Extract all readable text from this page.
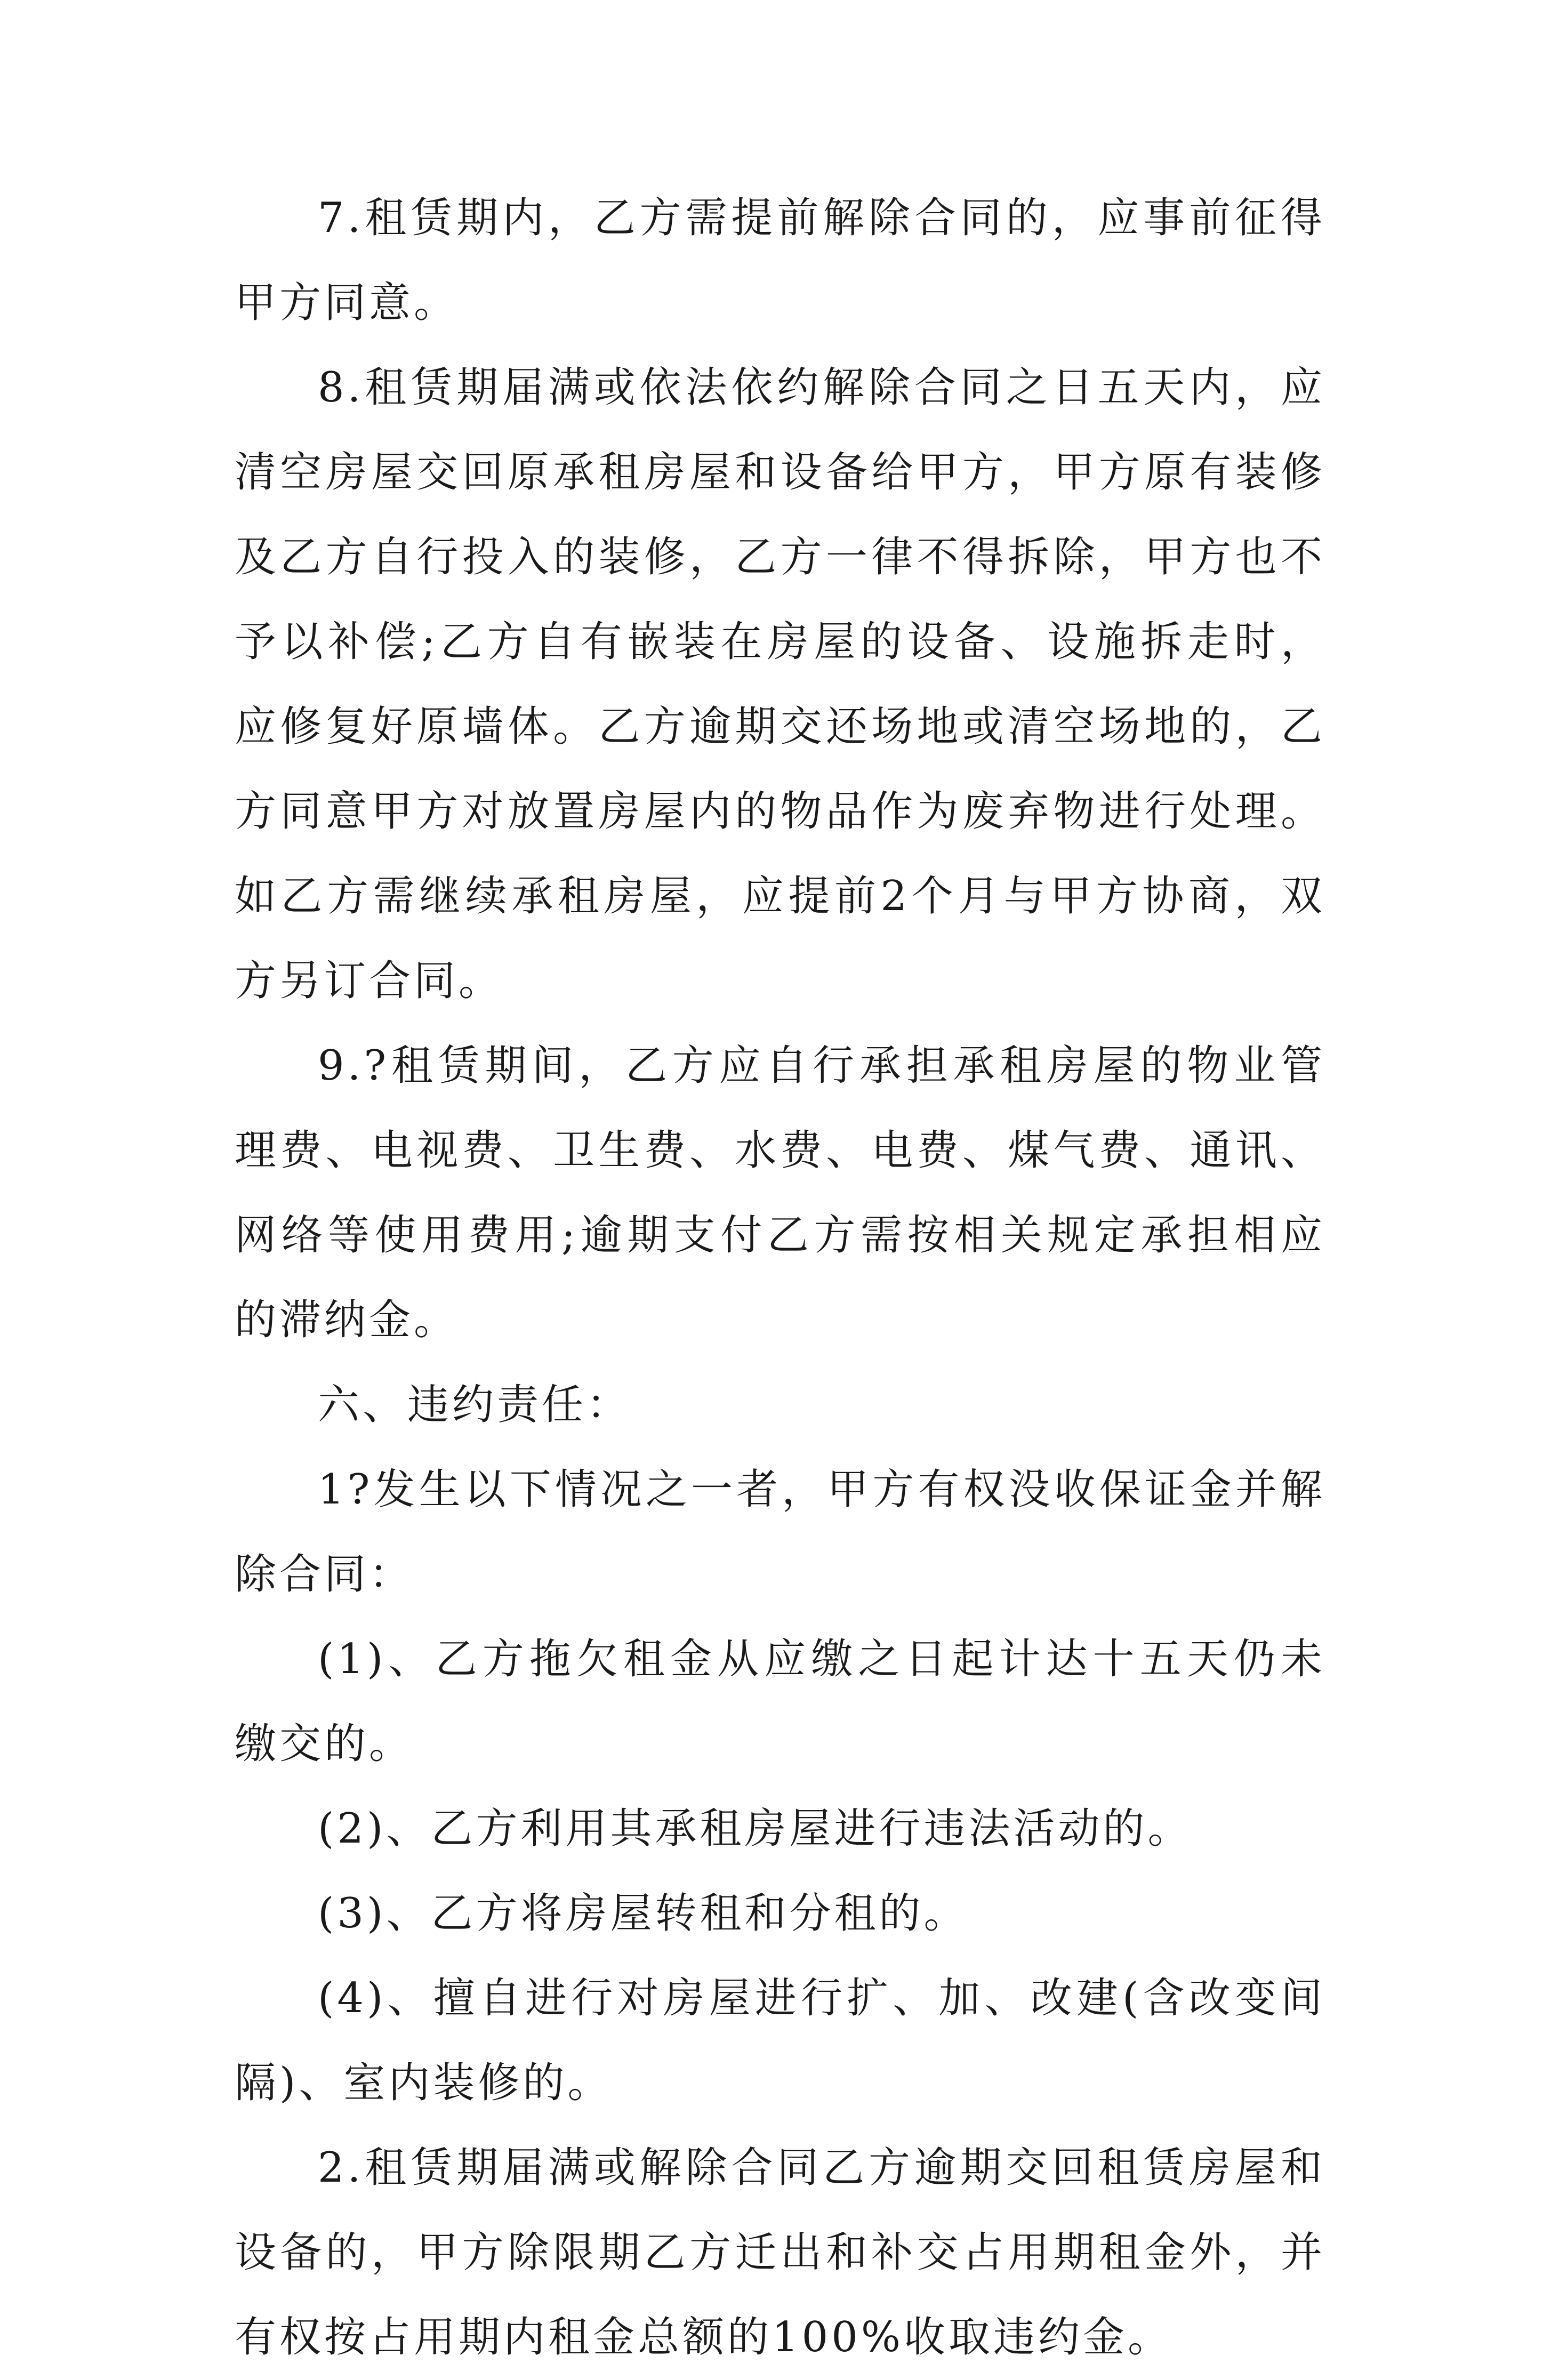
7.租赁期内，乙方需提前解除合同的，应事前征得甲方同意。

8.租赁期届满或依法依约解除合同之日五天内，应清空房屋交回原承租房屋和设备给甲方，甲方原有装修及乙方自行投入的装修，乙方一律不得拆除，甲方也不予以补偿;乙方自有嵌装在房屋的设备、设施拆走时，应修复好原墙体。乙方逾期交还场地或清空场地的，乙方同意甲方对放置房屋内的物品作为废弃物进行处理。如乙方需继续承租房屋，应提前2个月与甲方协商，双方另订合同。

9.?租赁期间，乙方应自行承担承租房屋的物业管理费、电视费、卫生费、水费、电费、煤气费、通讯、网络等使用费用;逾期支付乙方需按相关规定承担相应的滞纳金。

六、违约责任：

1?发生以下情况之一者，甲方有权没收保证金并解除合同：

(1)、乙方拖欠租金从应缴之日起计达十五天仍未缴交的。

(2)、乙方利用其承租房屋进行违法活动的。

(3)、乙方将房屋转租和分租的。

(4)、擅自进行对房屋进行扩、加、改建(含改变间隔)、室内装修的。

2.租赁期届满或解除合同乙方逾期交回租赁房屋和设备的，甲方除限期乙方迁出和补交占用期租金外，并有权按占用期内租金总额的100%收取违约金。
